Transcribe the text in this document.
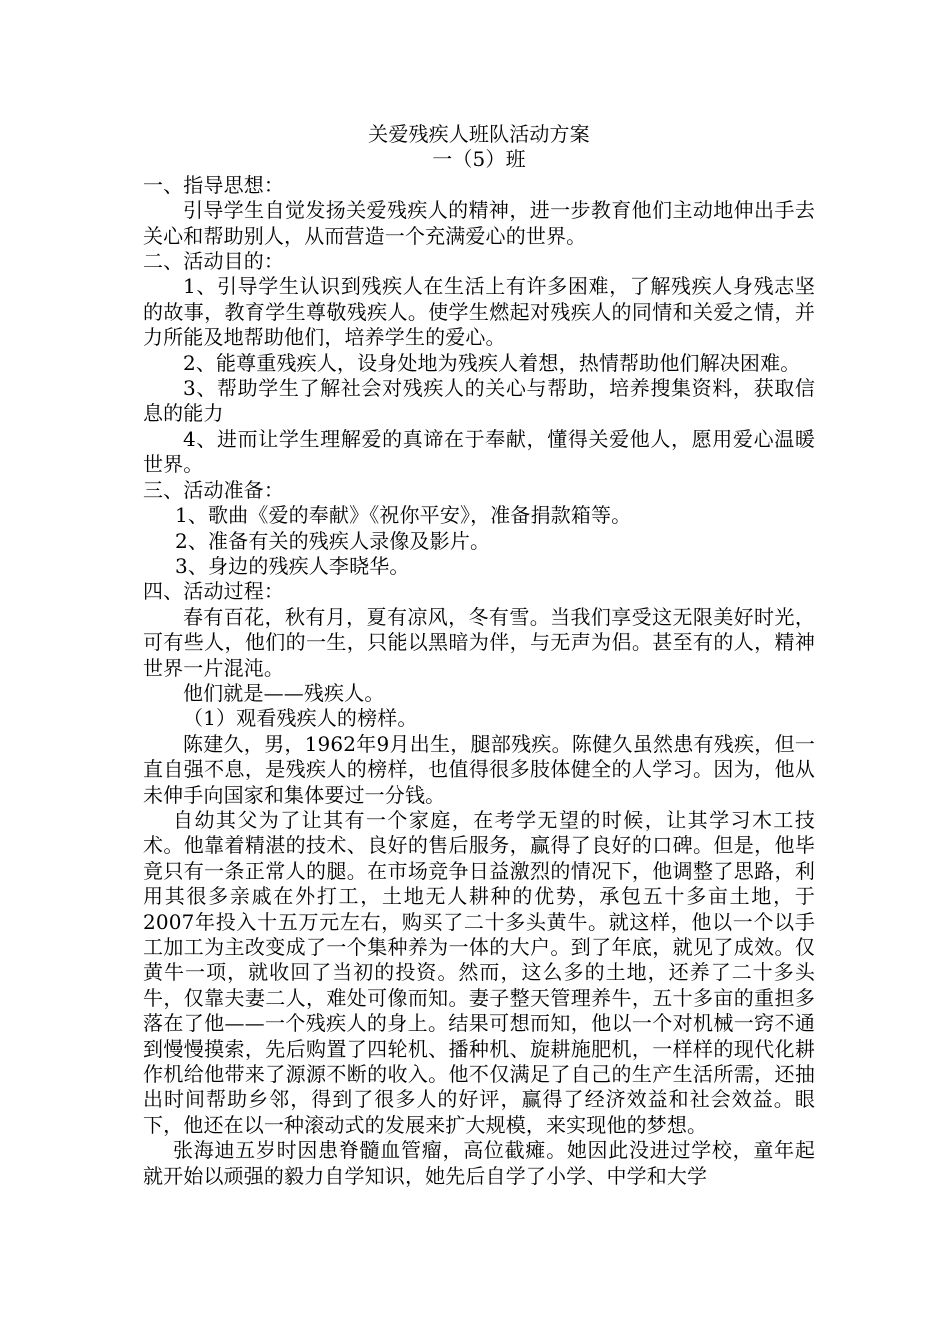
关爱残疾人班队活动方案

一（5）班

一、指导思想：

引导学生自觉发扬关爱残疾人的精神，进一步教育他们主动地伸出手去关心和帮助别人，从而营造一个充满爱心的世界。

二、活动目的：

1、引导学生认识到残疾人在生活上有许多困难，了解残疾人身残志坚的故事，教育学生尊敬残疾人。使学生燃起对残疾人的同情和关爱之情，并力所能及地帮助他们，培养学生的爱心。

2、能尊重残疾人，设身处地为残疾人着想，热情帮助他们解决困难。

3、帮助学生了解社会对残疾人的关心与帮助，培养搜集资料，获取信息的能力

4、进而让学生理解爱的真谛在于奉献，懂得关爱他人，愿用爱心温暖世界。

三、活动准备：

1、歌曲《爱的奉献》《祝你平安》，准备捐款箱等。

2、准备有关的残疾人录像及影片。

3、身边的残疾人李晓华。

四、活动过程：

春有百花，秋有月，夏有凉风，冬有雪。当我们享受这无限美好时光，可有些人，他们的一生，只能以黑暗为伴，与无声为侣。甚至有的人，精神世界一片混沌。

他们就是——残疾人。

（1）观看残疾人的榜样。

陈建久，男，1962年9月出生，腿部残疾。陈健久虽然患有残疾，但一直自强不息，是残疾人的榜样，也值得很多肢体健全的人学习。因为，他从未伸手向国家和集体要过一分钱。

自幼其父为了让其有一个家庭，在考学无望的时候，让其学习木工技术。他靠着精湛的技术、良好的售后服务，赢得了良好的口碑。但是，他毕竟只有一条正常人的腿。在市场竞争日益激烈的情况下，他调整了思路，利用其很多亲戚在外打工，土地无人耕种的优势，承包五十多亩土地，于2007年投入十五万元左右，购买了二十多头黄牛。就这样，他以一个以手工加工为主改变成了一个集种养为一体的大户。到了年底，就见了成效。仅黄牛一项，就收回了当初的投资。然而，这么多的土地，还养了二十多头牛，仅靠夫妻二人，难处可像而知。妻子整天管理养牛，五十多亩的重担多落在了他——一个残疾人的身上。结果可想而知，他以一个对机械一窍不通到慢慢摸索，先后购置了四轮机、播种机、旋耕施肥机，一样样的现代化耕作机给他带来了源源不断的收入。他不仅满足了自己的生产生活所需，还抽出时间帮助乡邻，得到了很多人的好评，赢得了经济效益和社会效益。眼下，他还在以一种滚动式的发展来扩大规模，来实现他的梦想。

张海迪五岁时因患脊髓血管瘤，高位截瘫。她因此没进过学校，童年起就开始以顽强的毅力自学知识，她先后自学了小学、中学和大学
